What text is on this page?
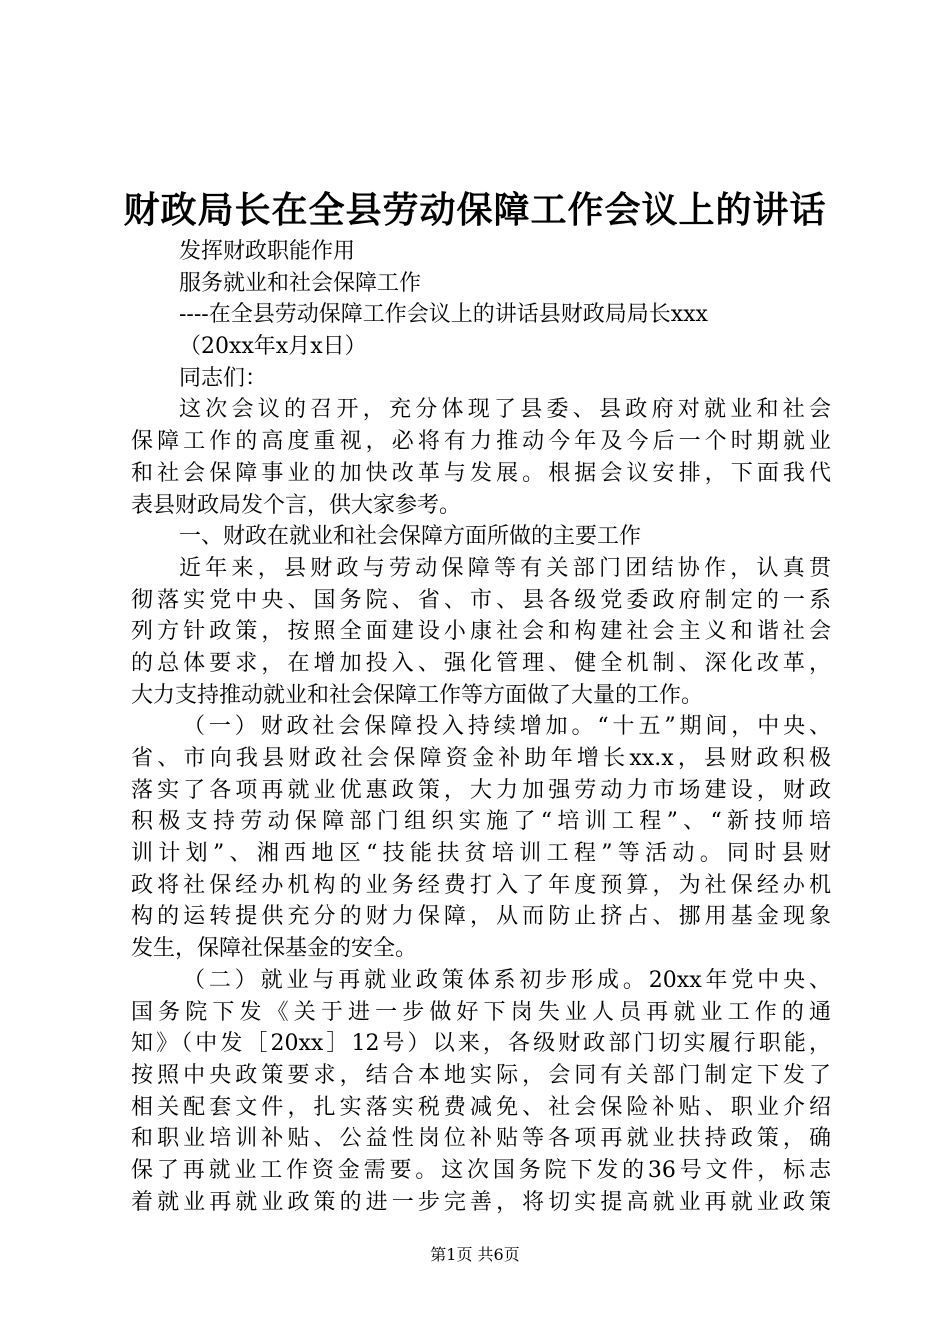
财政局长在全县劳动保障工作会议上的讲话
发挥财政职能作用
服务就业和社会保障工作
----在全县劳动保障工作会议上的讲话县财政局局长xxx
（20xx年x月x日）
同志们：
这次会议的召开，充分体现了县委、县政府对就业和社会
保障工作的高度重视，必将有力推动今年及今后一个时期就业
和社会保障事业的加快改革与发展。根据会议安排，下面我代
表县财政局发个言，供大家参考。
一、财政在就业和社会保障方面所做的主要工作
近年来，县财政与劳动保障等有关部门团结协作，认真贯
彻落实党中央、国务院、省、市、县各级党委政府制定的一系
列方针政策，按照全面建设小康社会和构建社会主义和谐社会
的总体要求，在增加投入、强化管理、健全机制、深化改革，
大力支持推动就业和社会保障工作等方面做了大量的工作。
（一）财政社会保障投入持续增加。“十五”期间，中央、
省、市向我县财政社会保障资金补助年增长xx.x，县财政积极
落实了各项再就业优惠政策，大力加强劳动力市场建设，财政
积极支持劳动保障部门组织实施了“培训工程”、“新技师培
训计划”、湘西地区“技能扶贫培训工程”等活动。同时县财
政将社保经办机构的业务经费打入了年度预算，为社保经办机
构的运转提供充分的财力保障，从而防止挤占、挪用基金现象
发生，保障社保基金的安全。
（二）就业与再就业政策体系初步形成。20xx年党中央、
国务院下发《关于进一步做好下岗失业人员再就业工作的通
知》（中发［20xx］12号）以来，各级财政部门切实履行职能，
按照中央政策要求，结合本地实际，会同有关部门制定下发了
相关配套文件，扎实落实税费减免、社会保险补贴、职业介绍
和职业培训补贴、公益性岗位补贴等各项再就业扶持政策，确
保了再就业工作资金需要。这次国务院下发的36号文件，标志
着就业再就业政策的进一步完善，将切实提高就业再就业政策
第1页 共6页
